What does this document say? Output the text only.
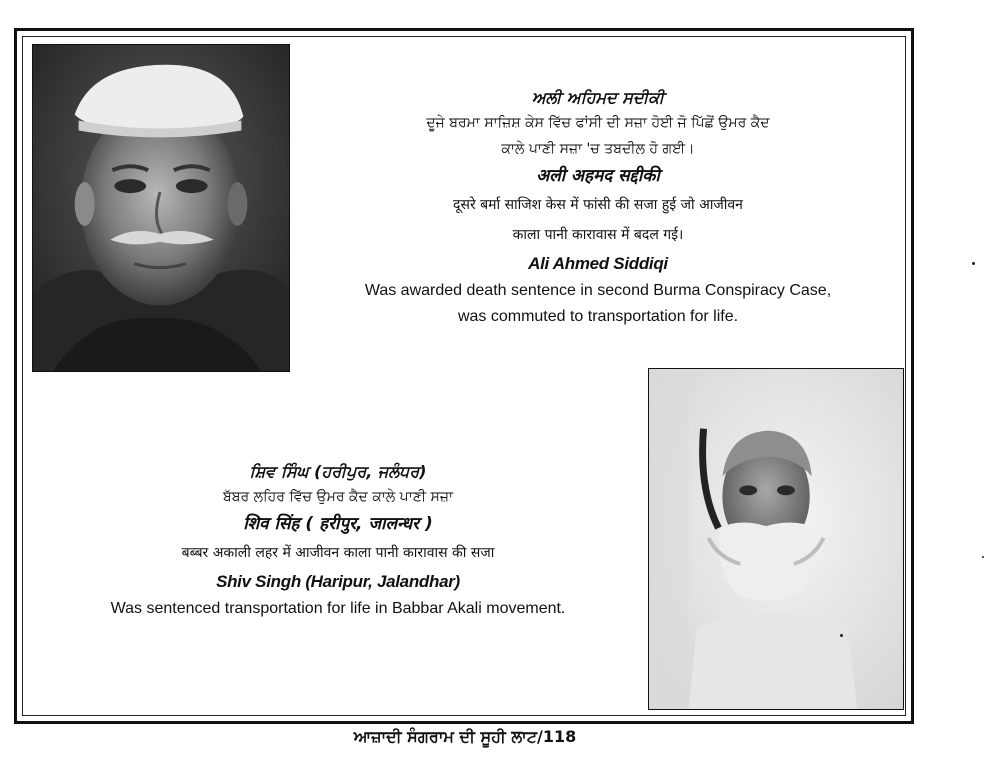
ਅਲੀ ਅਹਿਮਦ ਸਦੀਕੀ
ਦੂਜੇ ਬਰਮਾ ਸਾਜ਼ਿਸ਼ ਕੇਸ ਵਿੱਚ ਫਾਂਸੀ ਦੀ ਸਜ਼ਾ ਹੋਈ ਜੋ ਪਿੱਛੋਂ ਉਮਰ ਕੈਦ
ਕਾਲੇ ਪਾਣੀ ਸਜ਼ਾ 'ਚ ਤਬਦੀਲ ਹੋ ਗਈ।
अली अहमद सद्दीकी
दूसरे बर्मा साजिश केस में फांसी की सजा हुई जो आजीवन
काला पानी कारावास में बदल गई।
Ali Ahmed Siddiqi
Was awarded death sentence in second Burma Conspiracy Case,
was commuted to transportation for life.
ਸ਼ਿਵ ਸਿੰਘ (ਹਰੀਪੁਰ, ਜਲੰਧਰ)
ਬੱਬਰ ਲਹਿਰ ਵਿੱਚ ਉਮਰ ਕੈਦ ਕਾਲੇ ਪਾਣੀ ਸਜ਼ਾ
शिव सिंह ( हरीपुर, जालन्धर )
बब्बर अकाली लहर में आजीवन काला पानी कारावास की सजा
Shiv Singh (Haripur, Jalandhar)
Was sentenced transportation for life in Babbar Akali movement.
ਆਜ਼ਾਦੀ ਸੰਗਰਾਮ ਦੀ ਸੂਹੀ ਲਾਟ/118
